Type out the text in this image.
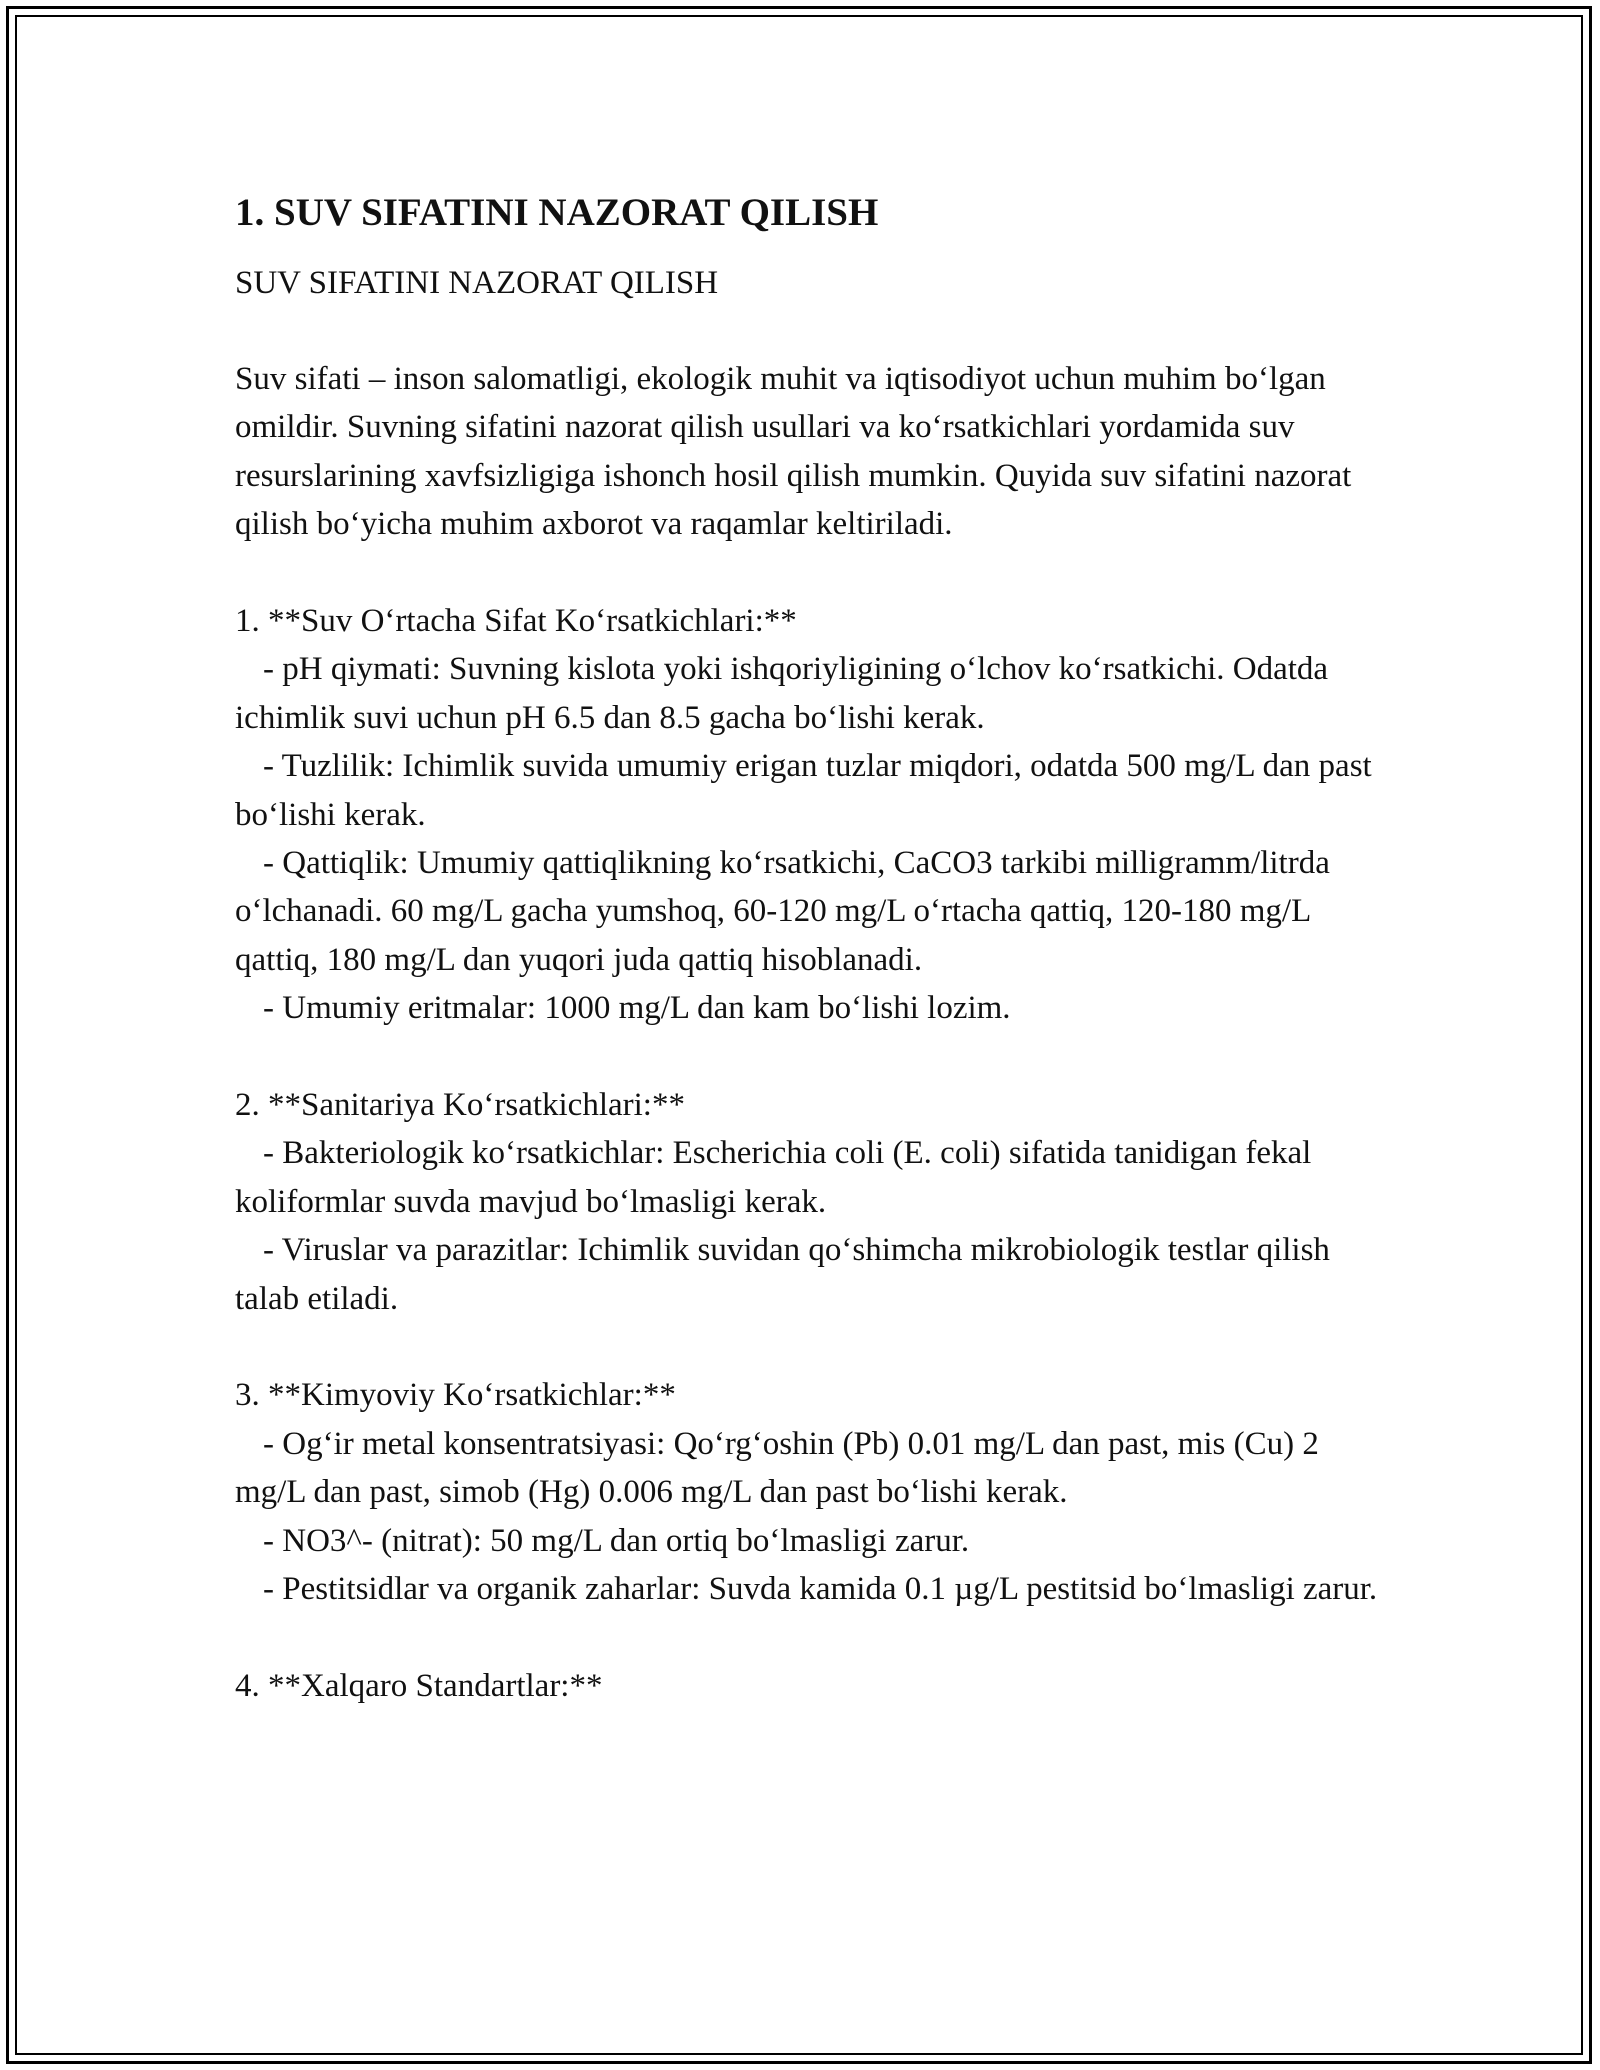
1. SUV SIFATINI NAZORAT QILISH
SUV SIFATINI NAZORAT QILISH

Suv sifati – inson salomatligi, ekologik muhit va iqtisodiyot uchun muhim bo‘lgan omildir. Suvning sifatini nazorat qilish usullari va ko‘rsatkichlari yordamida suv resurslarining xavfsizligiga ishonch hosil qilish mumkin. Quyida suv sifatini nazorat qilish bo‘yicha muhim axborot va raqamlar keltiriladi.

1. **Suv O‘rtacha Sifat Ko‘rsatkichlari:**
- pH qiymati: Suvning kislota yoki ishqoriyligining o‘lchov ko‘rsatkichi. Odatda ichimlik suvi uchun pH 6.5 dan 8.5 gacha bo‘lishi kerak.
- Tuzlilik: Ichimlik suvida umumiy erigan tuzlar miqdori, odatda 500 mg/L dan past bo‘lishi kerak.
- Qattiqlik: Umumiy qattiqlikning ko‘rsatkichi, CaCO3 tarkibi milligramm/litrda o‘lchanadi. 60 mg/L gacha yumshoq, 60-120 mg/L o‘rtacha qattiq, 120-180 mg/L qattiq, 180 mg/L dan yuqori juda qattiq hisoblanadi.
- Umumiy eritmalar: 1000 mg/L dan kam bo‘lishi lozim.
2. **Sanitariya Ko‘rsatkichlari:**
- Bakteriologik ko‘rsatkichlar: Escherichia coli (E. coli) sifatida tanidigan fekal koliformlar suvda mavjud bo‘lmasligi kerak.
- Viruslar va parazitlar: Ichimlik suvidan qo‘shimcha mikrobiologik testlar qilish talab etiladi.
3. **Kimyoviy Ko‘rsatkichlar:**
- Og‘ir metal konsentratsiyasi: Qo‘rg‘oshin (Pb) 0.01 mg/L dan past, mis (Cu) 2 mg/L dan past, simob (Hg) 0.006 mg/L dan past bo‘lishi kerak.
- NO3^- (nitrat): 50 mg/L dan ortiq bo‘lmasligi zarur.
- Pestitsidlar va organik zaharlar: Suvda kamida 0.1 µg/L pestitsid bo‘lmasligi zarur.
4. **Xalqaro Standartlar:**
